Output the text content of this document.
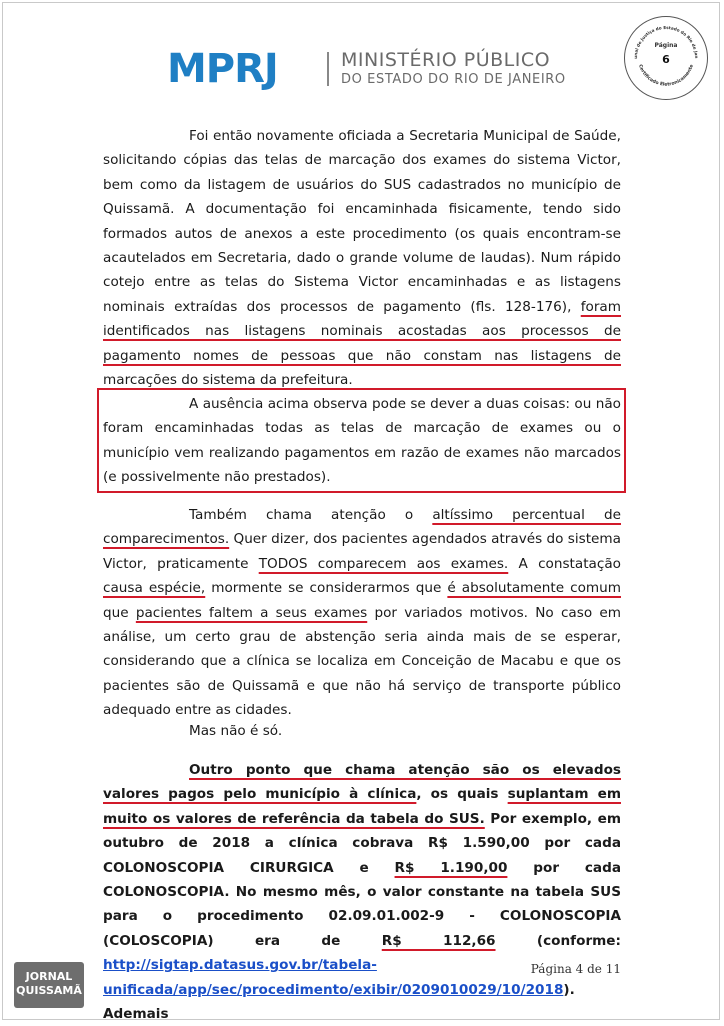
MPRJ	MINISTÉRIO PÚBLICO
DO ESTADO DO RIO DE JANEIRO
unal de Justiça do Estado do Rio de Jan
Certificado Eletronicamente
Página
6

Foi então novamente oficiada a Secretaria Municipal de Saúde, solicitando cópias das telas de marcação dos exames do sistema Victor, bem como da listagem de usuários do SUS cadastrados no município de Quissamã. A documentação foi encaminhada fisicamente, tendo sido formados autos de anexos a este procedimento (os quais encontram-se acautelados em Secretaria, dado o grande volume de laudas). Num rápido cotejo entre as telas do Sistema Victor encaminhadas e as listagens nominais extraídas dos processos de pagamento (fls. 128-176), foram identificados nas listagens nominais acostadas aos processos de pagamento nomes de pessoas que não constam nas listagens de marcações do sistema da prefeitura.

A ausência acima observa pode se dever a duas coisas: ou não foram encaminhadas todas as telas de marcação de exames ou o município vem realizando pagamentos em razão de exames não marcados (e possivelmente não prestados).

Também chama atenção o altíssimo percentual de comparecimentos. Quer dizer, dos pacientes agendados através do sistema Victor, praticamente TODOS comparecem aos exames. A constatação causa espécie, mormente se considerarmos que é absolutamente comum que pacientes faltem a seus exames por variados motivos. No caso em análise, um certo grau de abstenção seria ainda mais de se esperar, considerando que a clínica se localiza em Conceição de Macabu e que os pacientes são de Quissamã e que não há serviço de transporte público adequado entre as cidades.

Mas não é só.

Outro ponto que chama atenção são os elevados valores pagos pelo município à clínica, os quais suplantam em muito os valores de referência da tabela do SUS. Por exemplo, em outubro de 2018 a clínica cobrava R$ 1.590,00 por cada COLONOSCOPIA CIRURGICA e R$ 1.190,00 por cada COLONOSCOPIA. No mesmo mês, o valor constante na tabela SUS para o procedimento 02.09.01.002-9 - COLONOSCOPIA (COLOSCOPIA) era de R$ 112,66 (conforme: http://sigtap.datasus.gov.br/tabela-unificada/app/sec/procedimento/exibir/0209010029/10/2018). Ademais

Página 4 de 11
JORNAL
QUISSAMÃ
